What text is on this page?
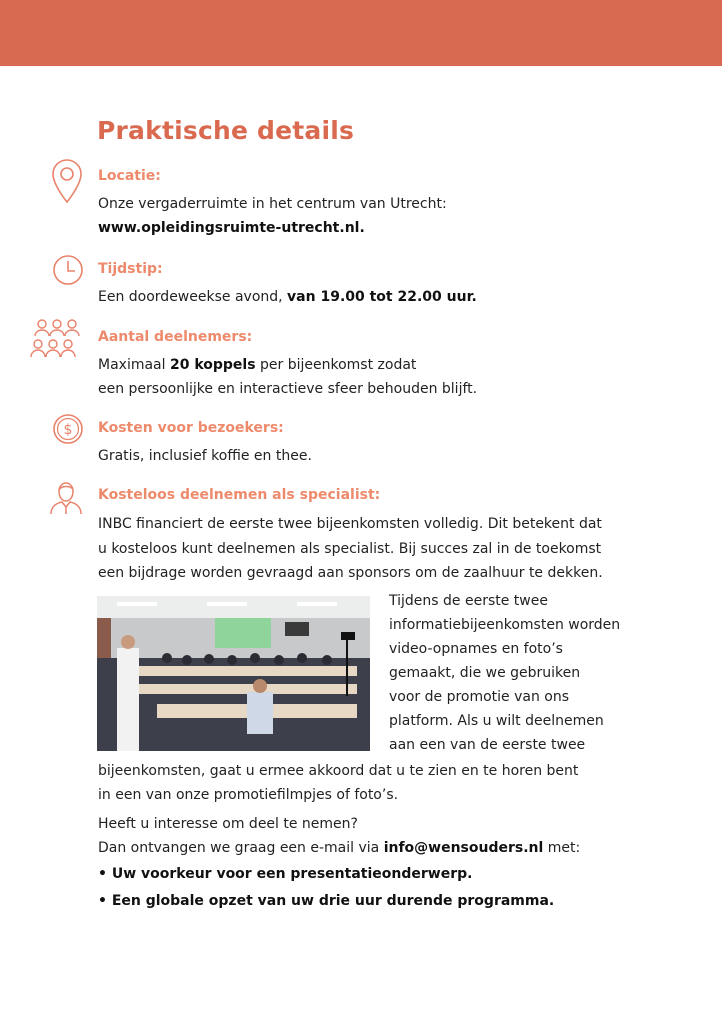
Praktische details
Locatie:
Onze vergaderruimte in het centrum van Utrecht:
www.opleidingsruimte-utrecht.nl.
Tijdstip:
Een doordeweekse avond, van 19.00 tot 22.00 uur.
Aantal deelnemers:
Maximaal 20 koppels per bijeenkomst zodat
een persoonlijke en interactieve sfeer behouden blijft.
$ Kosten voor bezoekers:
Gratis, inclusief koffie en thee.
Kosteloos deelnemen als specialist:
INBC financiert de eerste twee bijeenkomsten volledig. Dit betekent dat
u kosteloos kunt deelnemen als specialist. Bij succes zal in de toekomst
een bijdrage worden gevraagd aan sponsors om de zaalhuur te dekken.
Tijdens de eerste twee
informatiebijeenkomsten worden
video-opnames en foto’s
gemaakt, die we gebruiken
voor de promotie van ons
platform. Als u wilt deelnemen
aan een van de eerste twee
bijeenkomsten, gaat u ermee akkoord dat u te zien en te horen bent
in een van onze promotiefilmpjes of foto’s.
Heeft u interesse om deel te nemen?
Dan ontvangen we graag een e-mail via info@wensouders.nl met:
• Uw voorkeur voor een presentatieonderwerp.
• Een globale opzet van uw drie uur durende programma.
